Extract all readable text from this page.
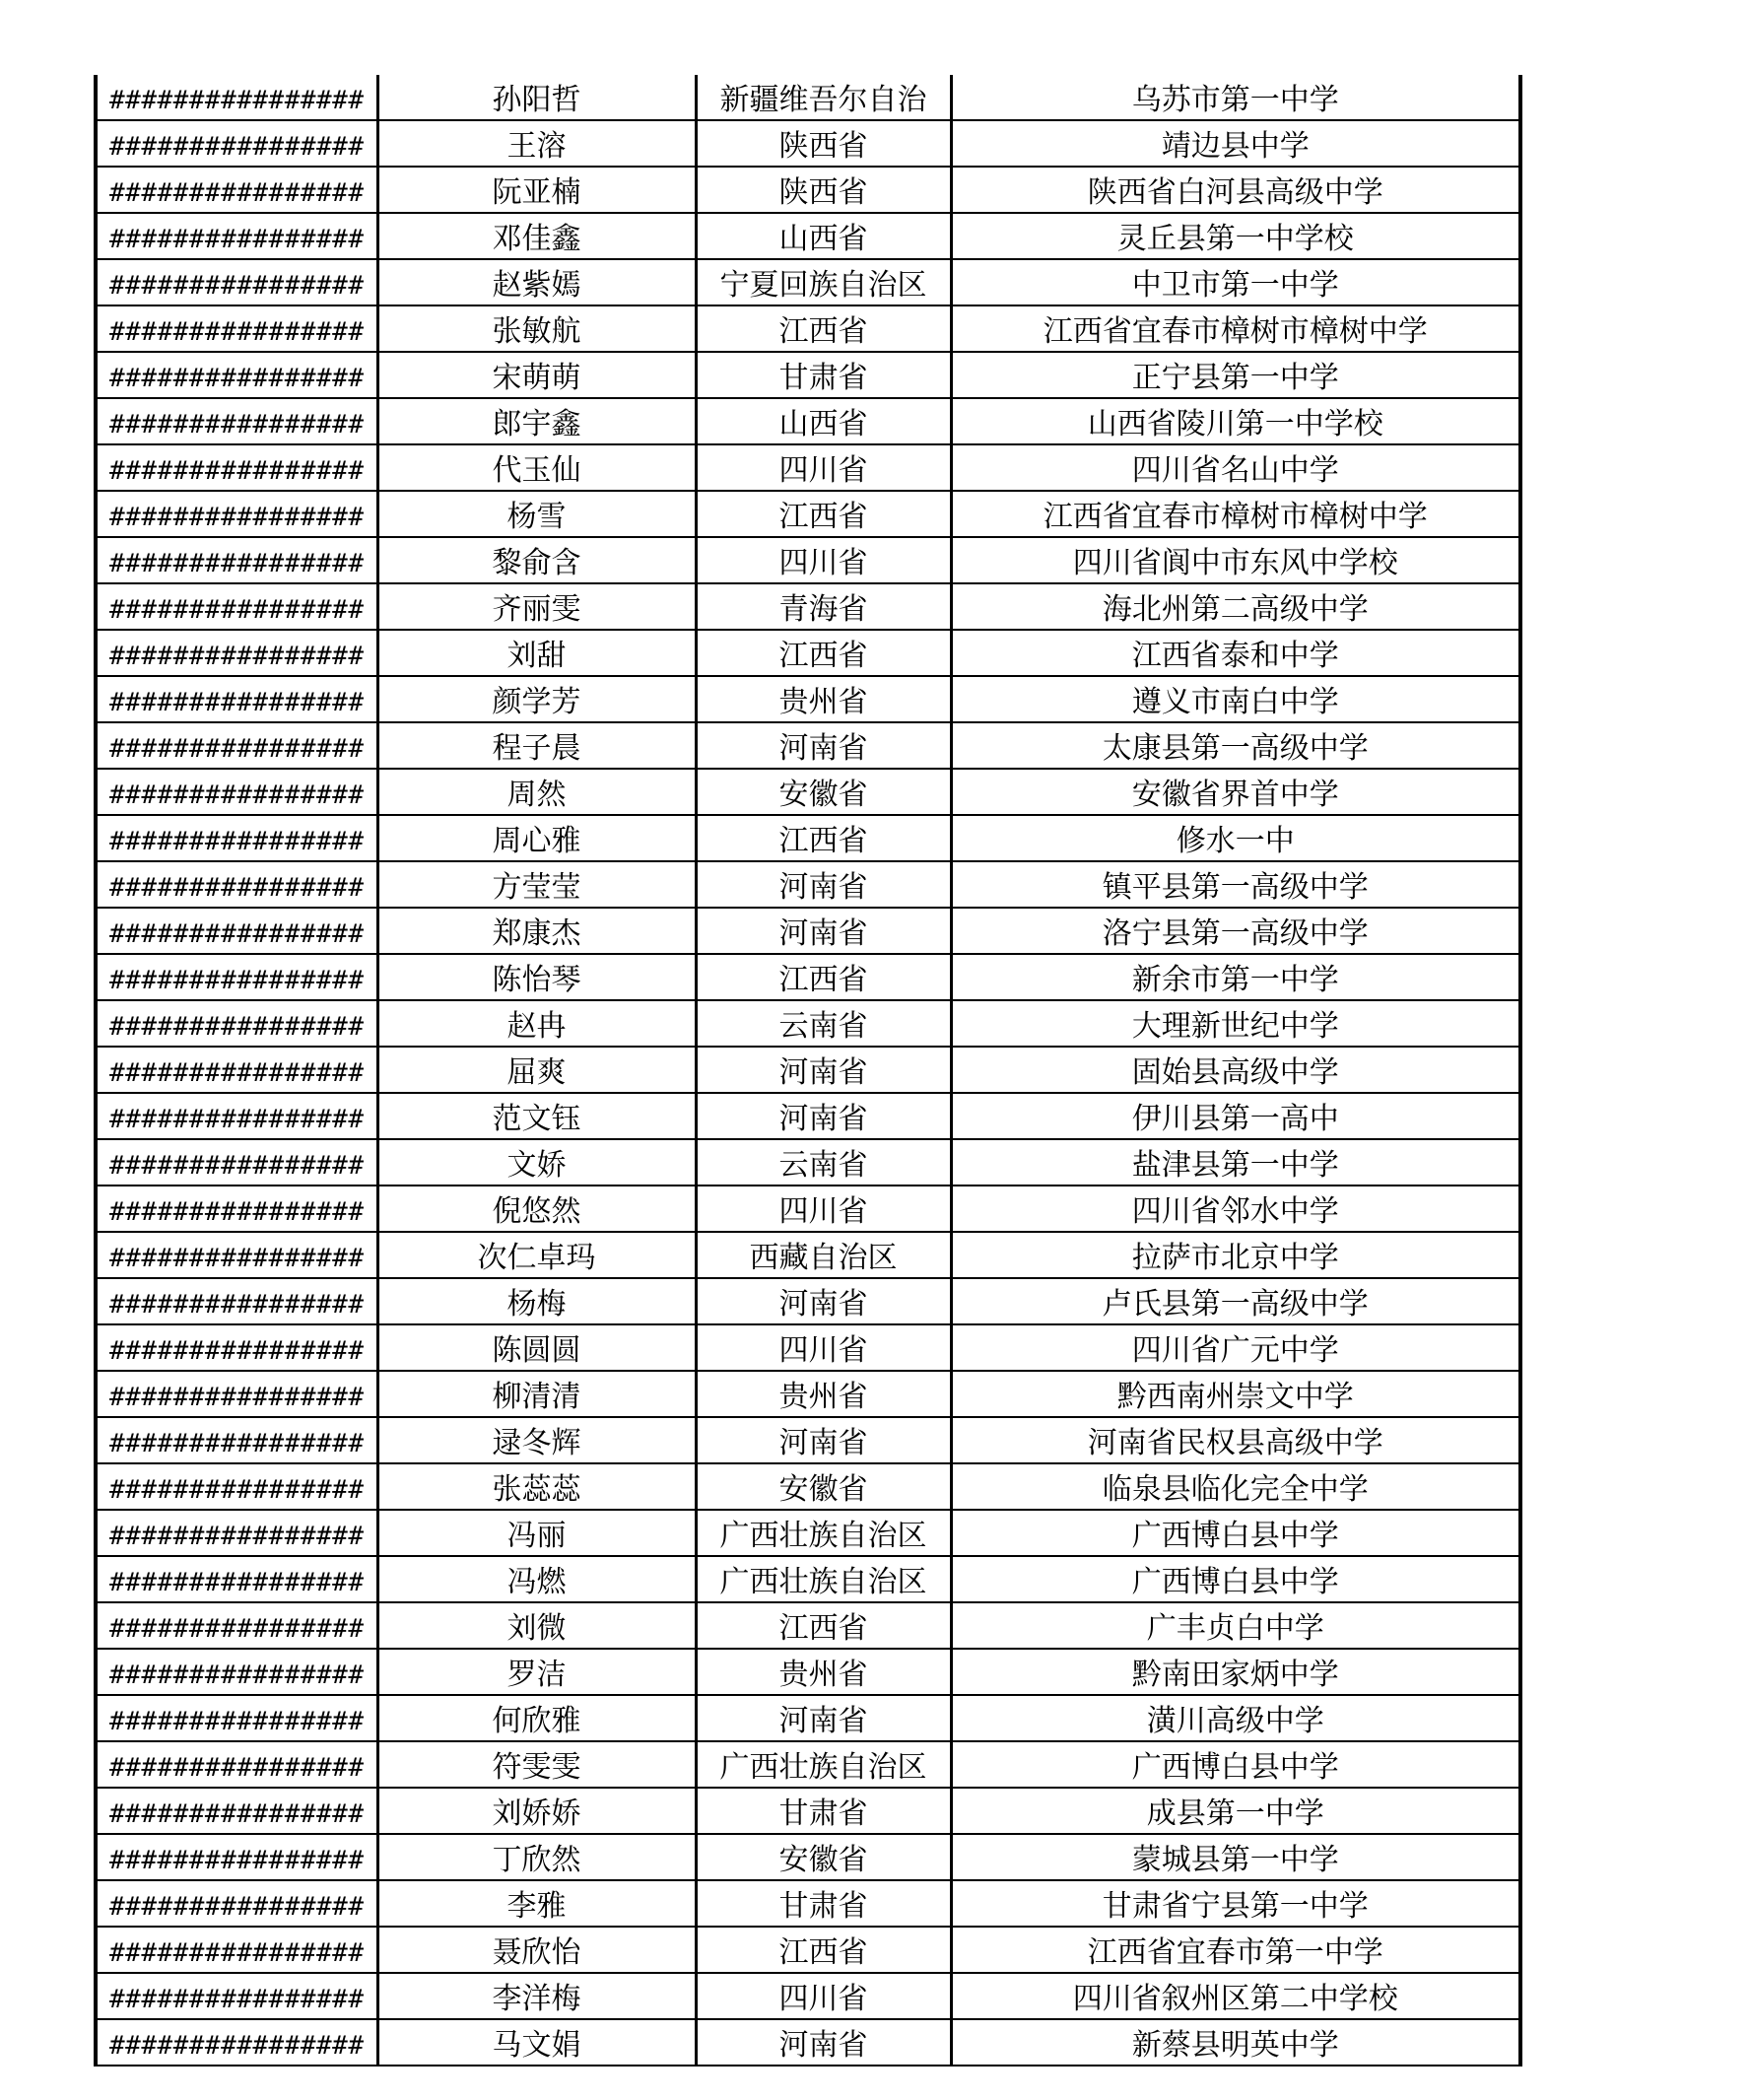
################	孙阳哲	新疆维吾尔自治	乌苏市第一中学
################	王溶	陕西省	靖边县中学
################	阮亚楠	陕西省	陕西省白河县高级中学
################	邓佳鑫	山西省	灵丘县第一中学校
################	赵紫嫣	宁夏回族自治区	中卫市第一中学
################	张敏航	江西省	江西省宜春市樟树市樟树中学
################	宋萌萌	甘肃省	正宁县第一中学
################	郎宇鑫	山西省	山西省陵川第一中学校
################	代玉仙	四川省	四川省名山中学
################	杨雪	江西省	江西省宜春市樟树市樟树中学
################	黎俞含	四川省	四川省阆中市东风中学校
################	齐丽雯	青海省	海北州第二高级中学
################	刘甜	江西省	江西省泰和中学
################	颜学芳	贵州省	遵义市南白中学
################	程子晨	河南省	太康县第一高级中学
################	周然	安徽省	安徽省界首中学
################	周心雅	江西省	修水一中
################	方莹莹	河南省	镇平县第一高级中学
################	郑康杰	河南省	洛宁县第一高级中学
################	陈怡琴	江西省	新余市第一中学
################	赵冉	云南省	大理新世纪中学
################	屈爽	河南省	固始县高级中学
################	范文钰	河南省	伊川县第一高中
################	文娇	云南省	盐津县第一中学
################	倪悠然	四川省	四川省邻水中学
################	次仁卓玛	西藏自治区	拉萨市北京中学
################	杨梅	河南省	卢氏县第一高级中学
################	陈圆圆	四川省	四川省广元中学
################	柳清清	贵州省	黔西南州崇文中学
################	逯冬辉	河南省	河南省民权县高级中学
################	张蕊蕊	安徽省	临泉县临化完全中学
################	冯丽	广西壮族自治区	广西博白县中学
################	冯燃	广西壮族自治区	广西博白县中学
################	刘微	江西省	广丰贞白中学
################	罗洁	贵州省	黔南田家炳中学
################	何欣雅	河南省	潢川高级中学
################	符雯雯	广西壮族自治区	广西博白县中学
################	刘娇娇	甘肃省	成县第一中学
################	丁欣然	安徽省	蒙城县第一中学
################	李雅	甘肃省	甘肃省宁县第一中学
################	聂欣怡	江西省	江西省宜春市第一中学
################	李洋梅	四川省	四川省叙州区第二中学校
################	马文娟	河南省	新蔡县明英中学
